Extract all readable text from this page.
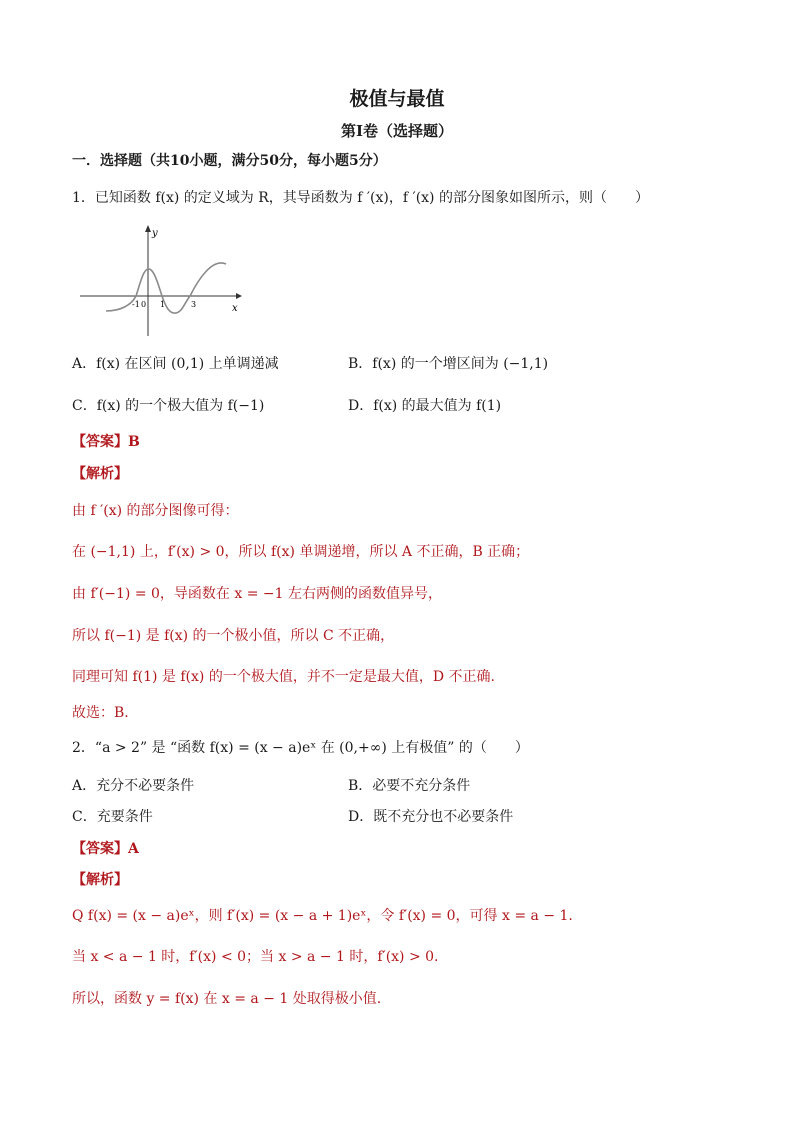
极值与最值
第Ⅰ卷（选择题）
一．选择题（共10小题，满分50分，每小题5分）
1．已知函数 f(x) 的定义域为 R，其导函数为 f ′(x)，f ′(x) 的部分图象如图所示，则（　　）
y
x
-1 0 1	3
A．f(x) 在区间 (0,1) 上单调递减	B．f(x) 的一个增区间为 (−1,1)
C．f(x) 的一个极大值为 f(−1)	D．f(x) 的最大值为 f(1)
【答案】B
【解析】
由 f ′(x) 的部分图像可得：
在 (−1,1) 上，f′(x) > 0，所以 f(x) 单调递增，所以 A 不正确，B 正确；
由 f′(−1) = 0，导函数在 x = −1 左右两侧的函数值异号，
所以 f(−1) 是 f(x) 的一个极小值，所以 C 不正确，
同理可知 f(1) 是 f(x) 的一个极大值，并不一定是最大值，D 不正确.
故选：B.
2．“a > 2” 是 “函数 f(x) = (x − a)eˣ 在 (0,+∞) 上有极值” 的（　　）
A．充分不必要条件	B．必要不充分条件
C．充要条件	D．既不充分也不必要条件
【答案】A
【解析】
Q f(x) = (x − a)eˣ，则 f′(x) = (x − a + 1)eˣ，令 f′(x) = 0，可得 x = a − 1.
当 x < a − 1 时，f′(x) < 0；当 x > a − 1 时，f′(x) > 0.
所以，函数 y = f(x) 在 x = a − 1 处取得极小值.
